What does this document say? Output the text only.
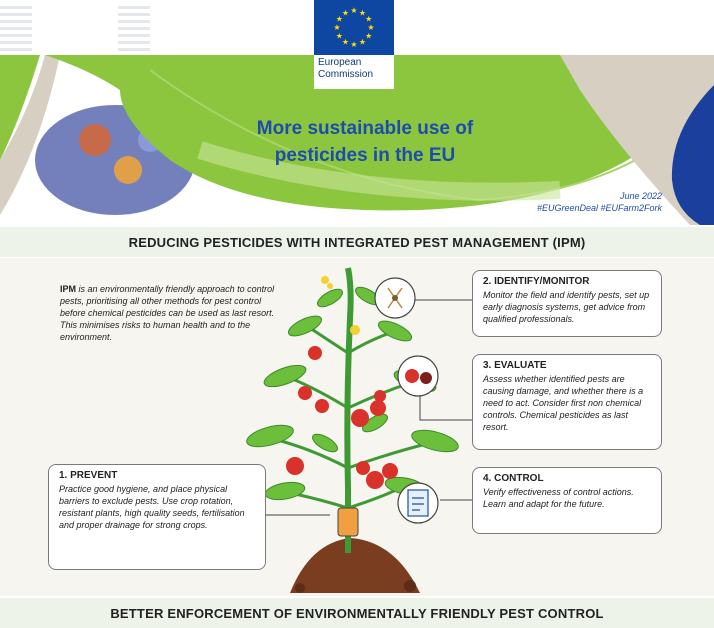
★ ★
★
★
★
★
★
★
★
★
★
★
European Commission
More sustainable use of
pesticides in the EU
June 2022
#EUGreenDeal #EUFarm2Fork
REDUCING PESTICIDES WITH INTEGRATED PEST MANAGEMENT (IPM)
IPM is an environmentally friendly approach to control pests, prioritising all other methods for pest control before chemical pesticides can be used as last resort. This minimises risks to human health and to the environment.
1. PREVENT

Practice good hygiene, and place physical barriers to exclude pests. Use crop rotation, resistant plants, high quality seeds, fertilisation and proper drainage for strong crops.

2. IDENTIFY/MONITOR

Monitor the field and identify pests, set up early diagnosis systems, get advice from qualified professionals.

3. EVALUATE

Assess whether identified pests are causing damage, and whether there is a need to act. Consider first non chemical controls. Chemical pesticides as last resort.

4. CONTROL

Verify effectiveness of control actions. Learn and adapt for the future.

BETTER ENFORCEMENT OF ENVIRONMENTALLY FRIENDLY PEST CONTROL
